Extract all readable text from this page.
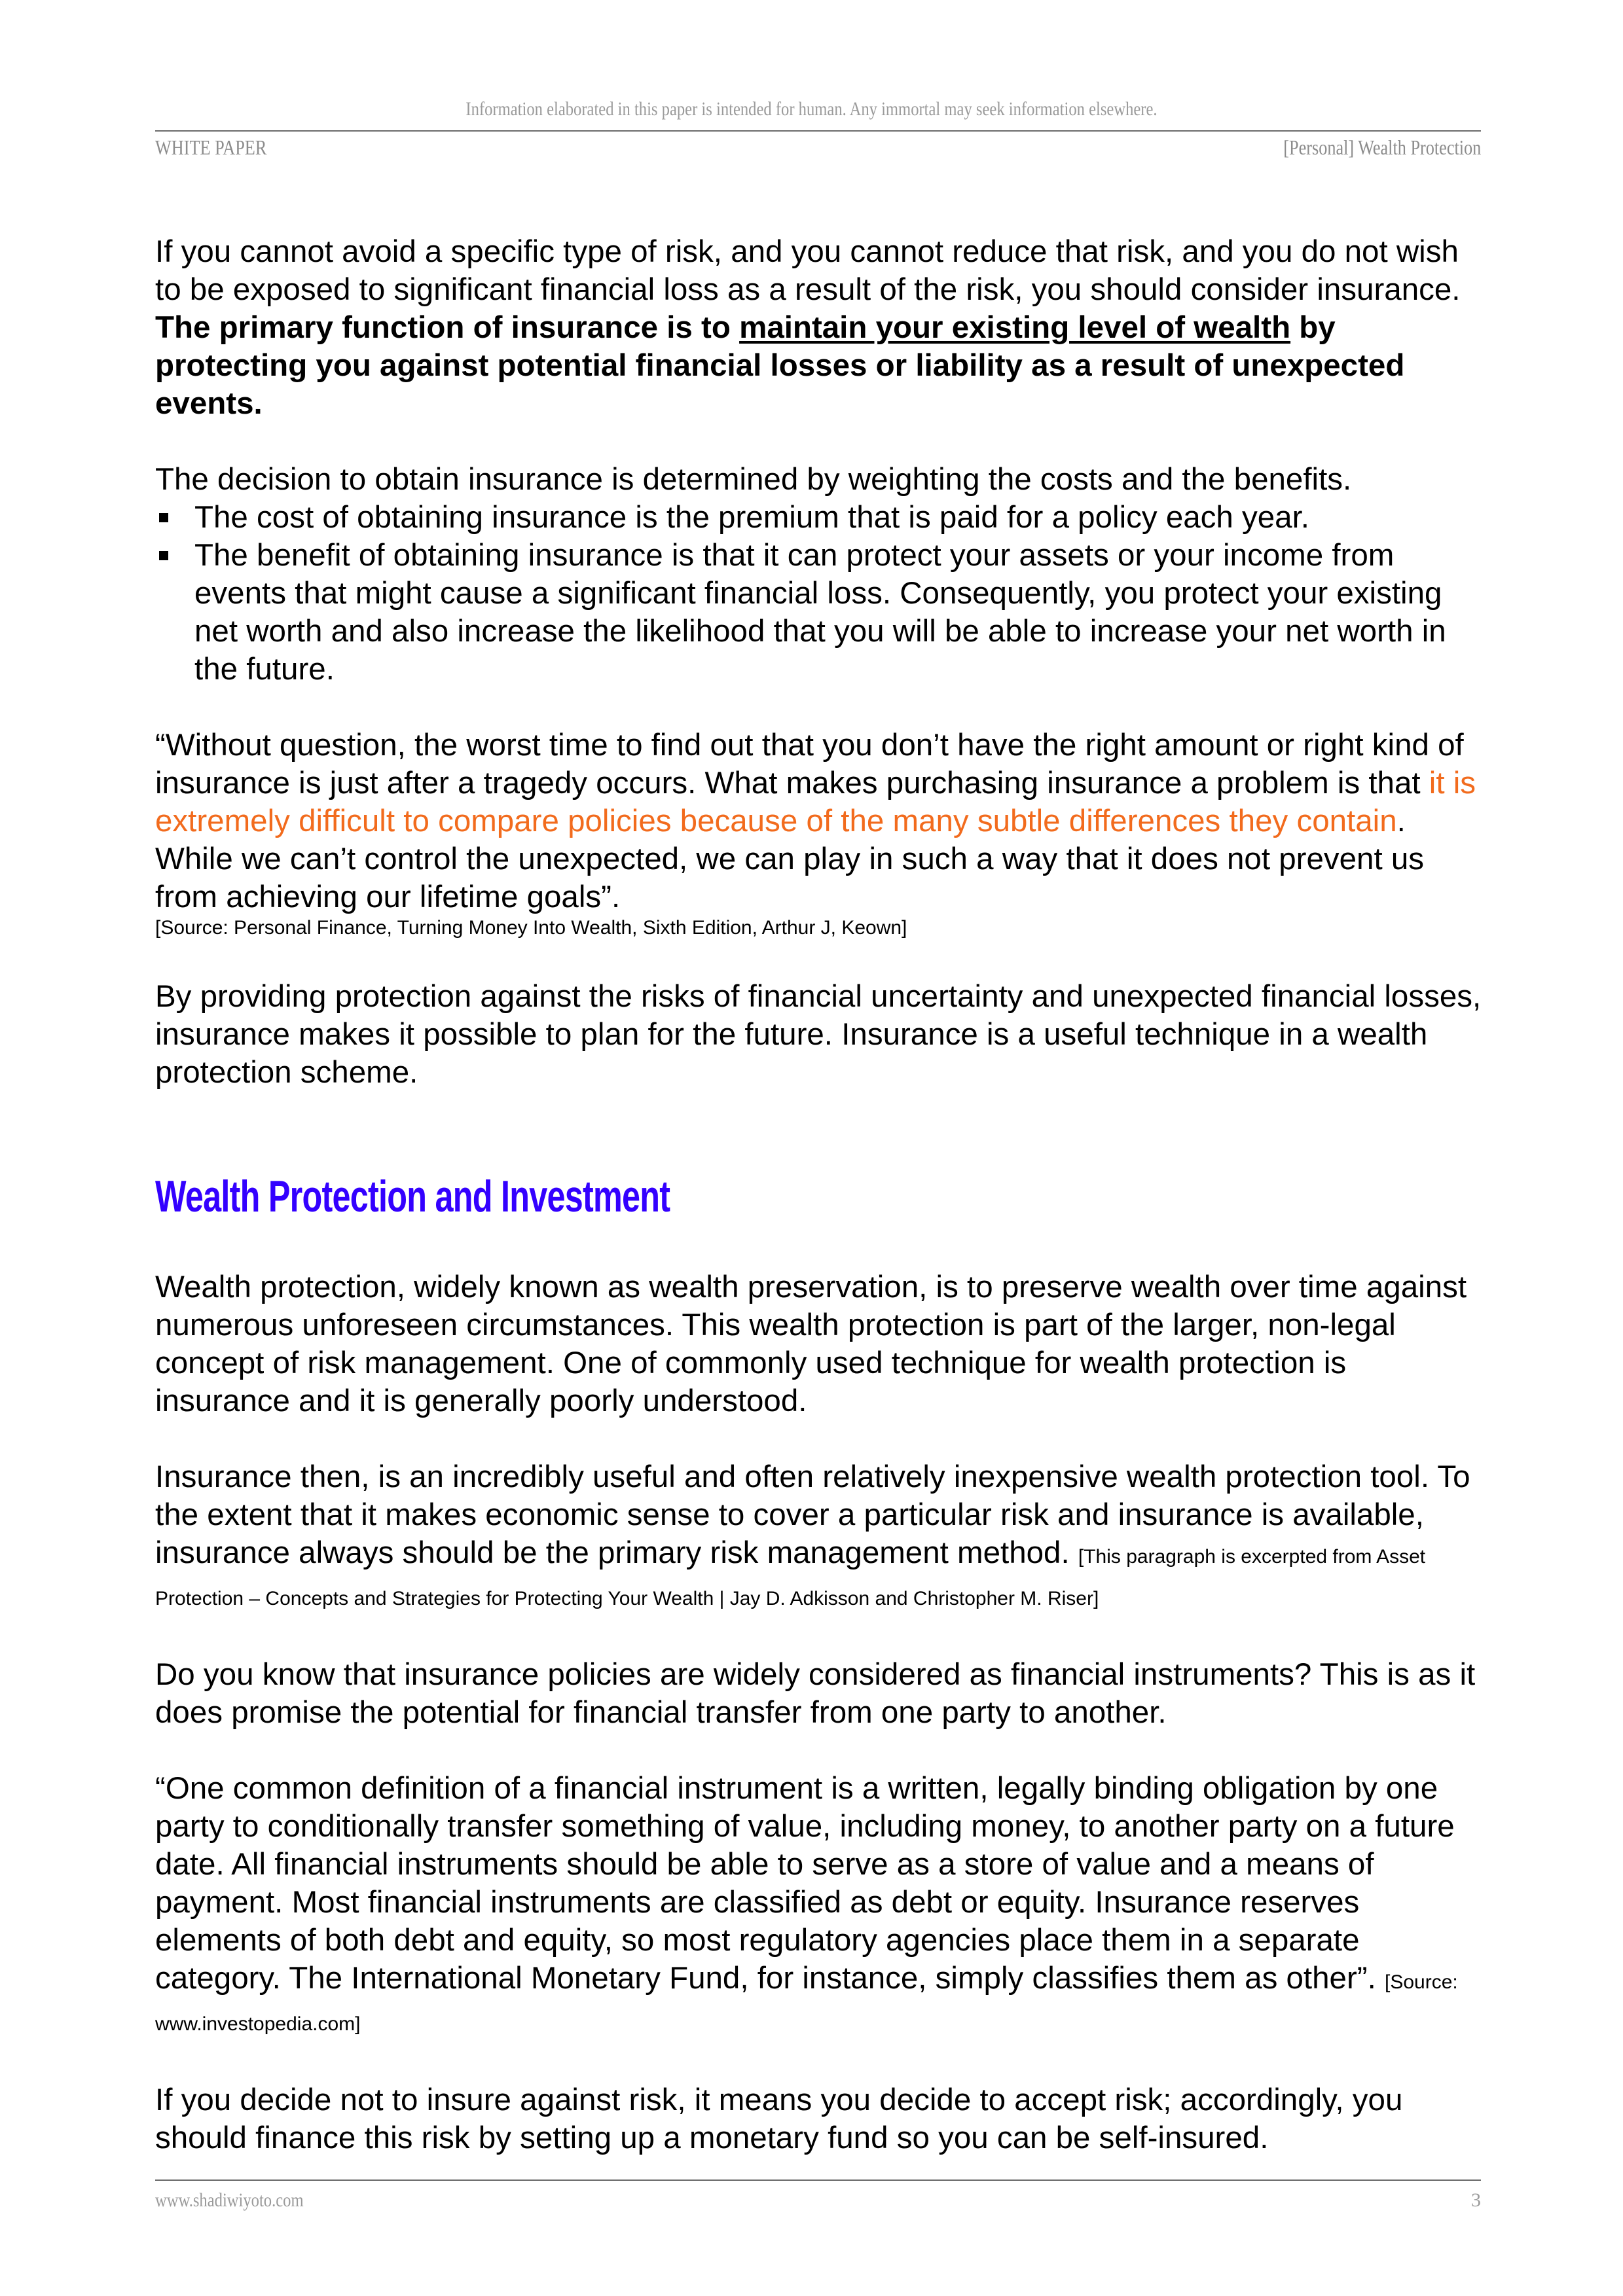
Information elaborated in this paper is intended for human. Any immortal may seek information elsewhere.
WHITE PAPER	[Personal] Wealth Protection

If you cannot avoid a specific type of risk, and you cannot reduce that risk, and you do not wish to be exposed to significant financial loss as a result of the risk, you should consider insurance. The primary function of insurance is to maintain your existing level of wealth by protecting you against potential financial losses or liability as a result of unexpected events.

The decision to obtain insurance is determined by weighting the costs and the benefits.

The cost of obtaining insurance is the premium that is paid for a policy each year.
The benefit of obtaining insurance is that it can protect your assets or your income from events that might cause a significant financial loss. Consequently, you protect your existing net worth and also increase the likelihood that you will be able to increase your net worth in the future.

“Without question, the worst time to find out that you don’t have the right amount or right kind of insurance is just after a tragedy occurs. What makes purchasing insurance a problem is that it is extremely difficult to compare policies because of the many subtle differences they contain. While we can’t control the unexpected, we can play in such a way that it does not prevent us from achieving our lifetime goals”.

[Source: Personal Finance, Turning Money Into Wealth, Sixth Edition, Arthur J, Keown]

By providing protection against the risks of financial uncertainty and unexpected financial losses, insurance makes it possible to plan for the future. Insurance is a useful technique in a wealth protection scheme.

Wealth Protection and Investment

Wealth protection, widely known as wealth preservation, is to preserve wealth over time against numerous unforeseen circumstances. This wealth protection is part of the larger, non-legal concept of risk management. One of commonly used technique for wealth protection is insurance and it is generally poorly understood.

Insurance then, is an incredibly useful and often relatively inexpensive wealth protection tool. To the extent that it makes economic sense to cover a particular risk and insurance is available, insurance always should be the primary risk management method. [This paragraph is excerpted from Asset Protection – Concepts and Strategies for Protecting Your Wealth | Jay D. Adkisson and Christopher M. Riser]

Do you know that insurance policies are widely considered as financial instruments? This is as it does promise the potential for financial transfer from one party to another.

“One common definition of a financial instrument is a written, legally binding obligation by one party to conditionally transfer something of value, including money, to another party on a future date. All financial instruments should be able to serve as a store of value and a means of payment. Most financial instruments are classified as debt or equity. Insurance reserves elements of both debt and equity, so most regulatory agencies place them in a separate category. The International Monetary Fund, for instance, simply classifies them as other”. [Source: www.investopedia.com]

If you decide not to insure against risk, it means you decide to accept risk; accordingly, you should finance this risk by setting up a monetary fund so you can be self-insured.

www.shadiwiyoto.com	3
